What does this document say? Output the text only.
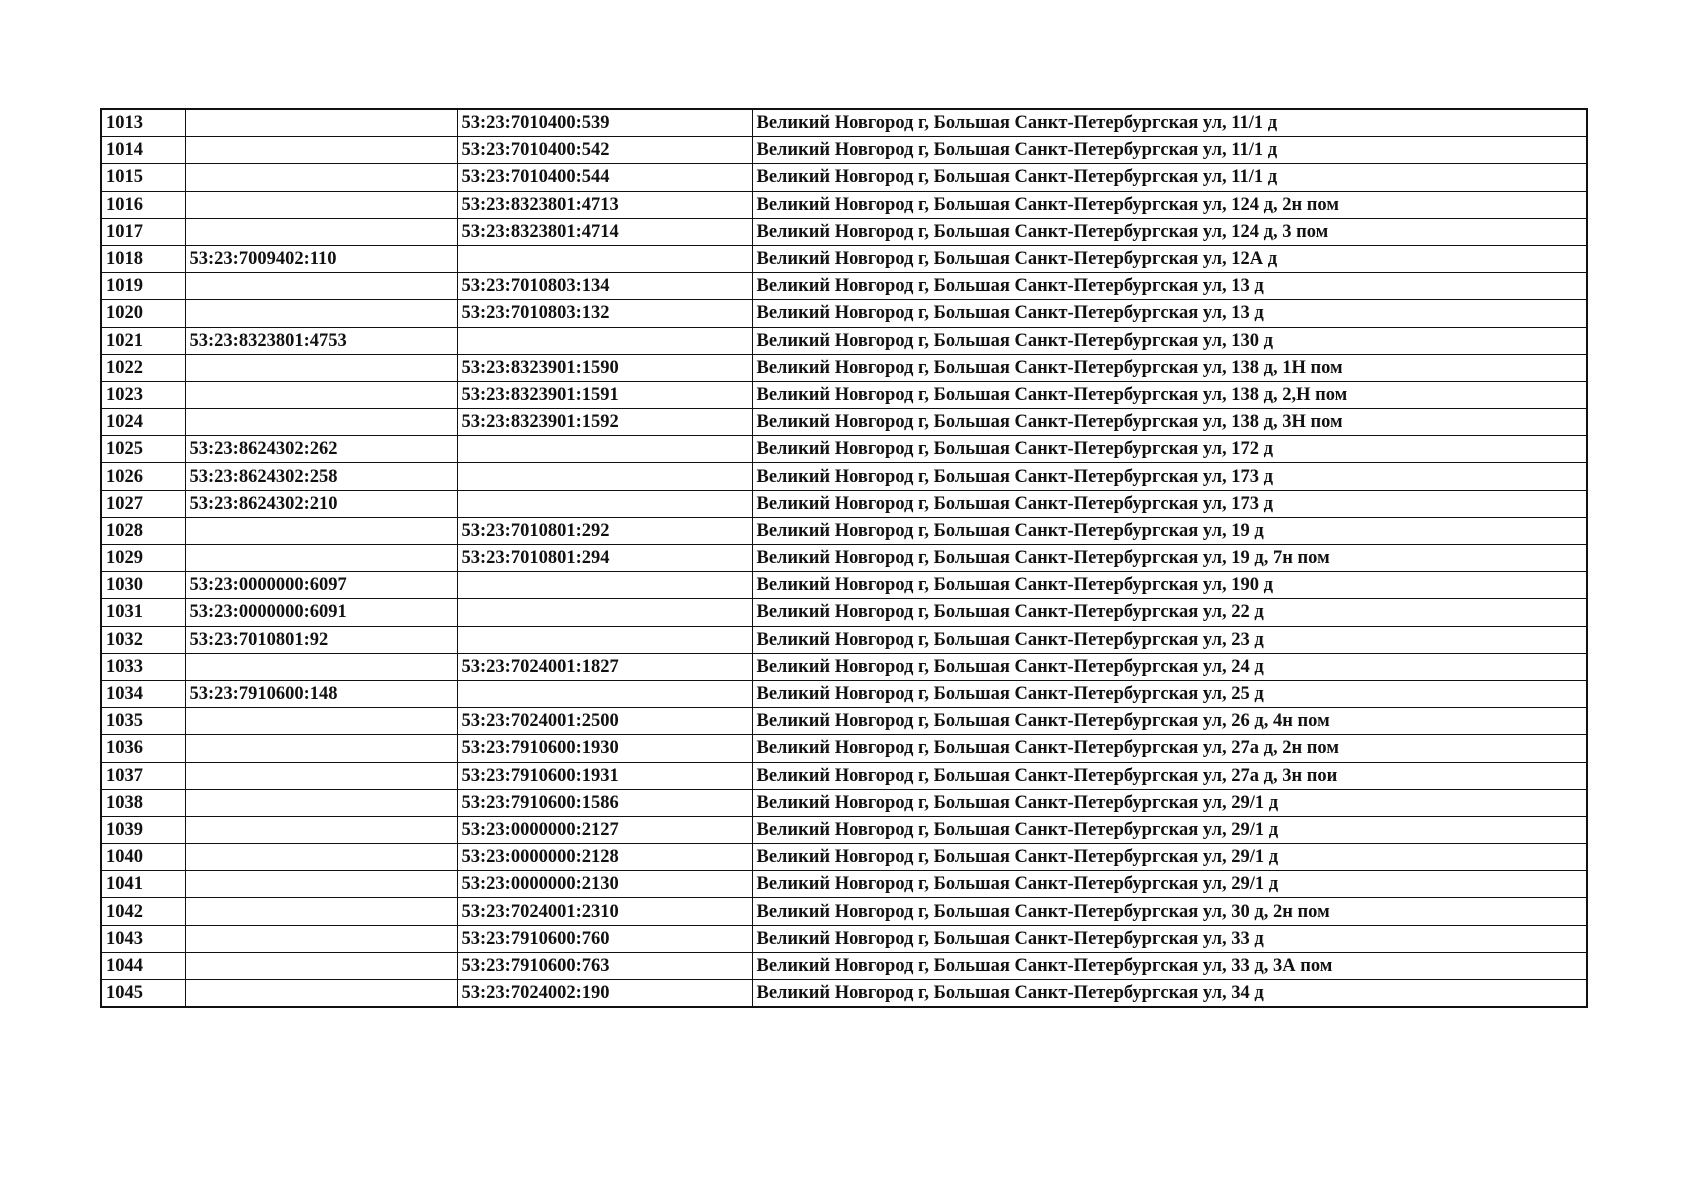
1013		53:23:7010400:539	Великий Новгород г, Большая Санкт-Петербургская ул, 11/1 д
1014		53:23:7010400:542	Великий Новгород г, Большая Санкт-Петербургская ул, 11/1 д
1015		53:23:7010400:544	Великий Новгород г, Большая Санкт-Петербургская ул, 11/1 д
1016		53:23:8323801:4713	Великий Новгород г, Большая Санкт-Петербургская ул, 124 д, 2н пом
1017		53:23:8323801:4714	Великий Новгород г, Большая Санкт-Петербургская ул, 124 д, 3 пом
1018	53:23:7009402:110		Великий Новгород г, Большая Санкт-Петербургская ул, 12А д
1019		53:23:7010803:134	Великий Новгород г, Большая Санкт-Петербургская ул, 13 д
1020		53:23:7010803:132	Великий Новгород г, Большая Санкт-Петербургская ул, 13 д
1021	53:23:8323801:4753		Великий Новгород г, Большая Санкт-Петербургская ул, 130 д
1022		53:23:8323901:1590	Великий Новгород г, Большая Санкт-Петербургская ул, 138 д, 1Н пом
1023		53:23:8323901:1591	Великий Новгород г, Большая Санкт-Петербургская ул, 138 д, 2,Н пом
1024		53:23:8323901:1592	Великий Новгород г, Большая Санкт-Петербургская ул, 138 д, 3Н пом
1025	53:23:8624302:262		Великий Новгород г, Большая Санкт-Петербургская ул, 172 д
1026	53:23:8624302:258		Великий Новгород г, Большая Санкт-Петербургская ул, 173 д
1027	53:23:8624302:210		Великий Новгород г, Большая Санкт-Петербургская ул, 173 д
1028		53:23:7010801:292	Великий Новгород г, Большая Санкт-Петербургская ул, 19 д
1029		53:23:7010801:294	Великий Новгород г, Большая Санкт-Петербургская ул, 19 д, 7н пом
1030	53:23:0000000:6097		Великий Новгород г, Большая Санкт-Петербургская ул, 190 д
1031	53:23:0000000:6091		Великий Новгород г, Большая Санкт-Петербургская ул, 22 д
1032	53:23:7010801:92		Великий Новгород г, Большая Санкт-Петербургская ул, 23 д
1033		53:23:7024001:1827	Великий Новгород г, Большая Санкт-Петербургская ул, 24 д
1034	53:23:7910600:148		Великий Новгород г, Большая Санкт-Петербургская ул, 25 д
1035		53:23:7024001:2500	Великий Новгород г, Большая Санкт-Петербургская ул, 26 д, 4н пом
1036		53:23:7910600:1930	Великий Новгород г, Большая Санкт-Петербургская ул, 27а д, 2н пом
1037		53:23:7910600:1931	Великий Новгород г, Большая Санкт-Петербургская ул, 27а д, 3н пои
1038		53:23:7910600:1586	Великий Новгород г, Большая Санкт-Петербургская ул, 29/1 д
1039		53:23:0000000:2127	Великий Новгород г, Большая Санкт-Петербургская ул, 29/1 д
1040		53:23:0000000:2128	Великий Новгород г, Большая Санкт-Петербургская ул, 29/1 д
1041		53:23:0000000:2130	Великий Новгород г, Большая Санкт-Петербургская ул, 29/1 д
1042		53:23:7024001:2310	Великий Новгород г, Большая Санкт-Петербургская ул, 30 д, 2н пом
1043		53:23:7910600:760	Великий Новгород г, Большая Санкт-Петербургская ул, 33 д
1044		53:23:7910600:763	Великий Новгород г, Большая Санкт-Петербургская ул, 33 д, 3А пом
1045		53:23:7024002:190	Великий Новгород г, Большая Санкт-Петербургская ул, 34 д
